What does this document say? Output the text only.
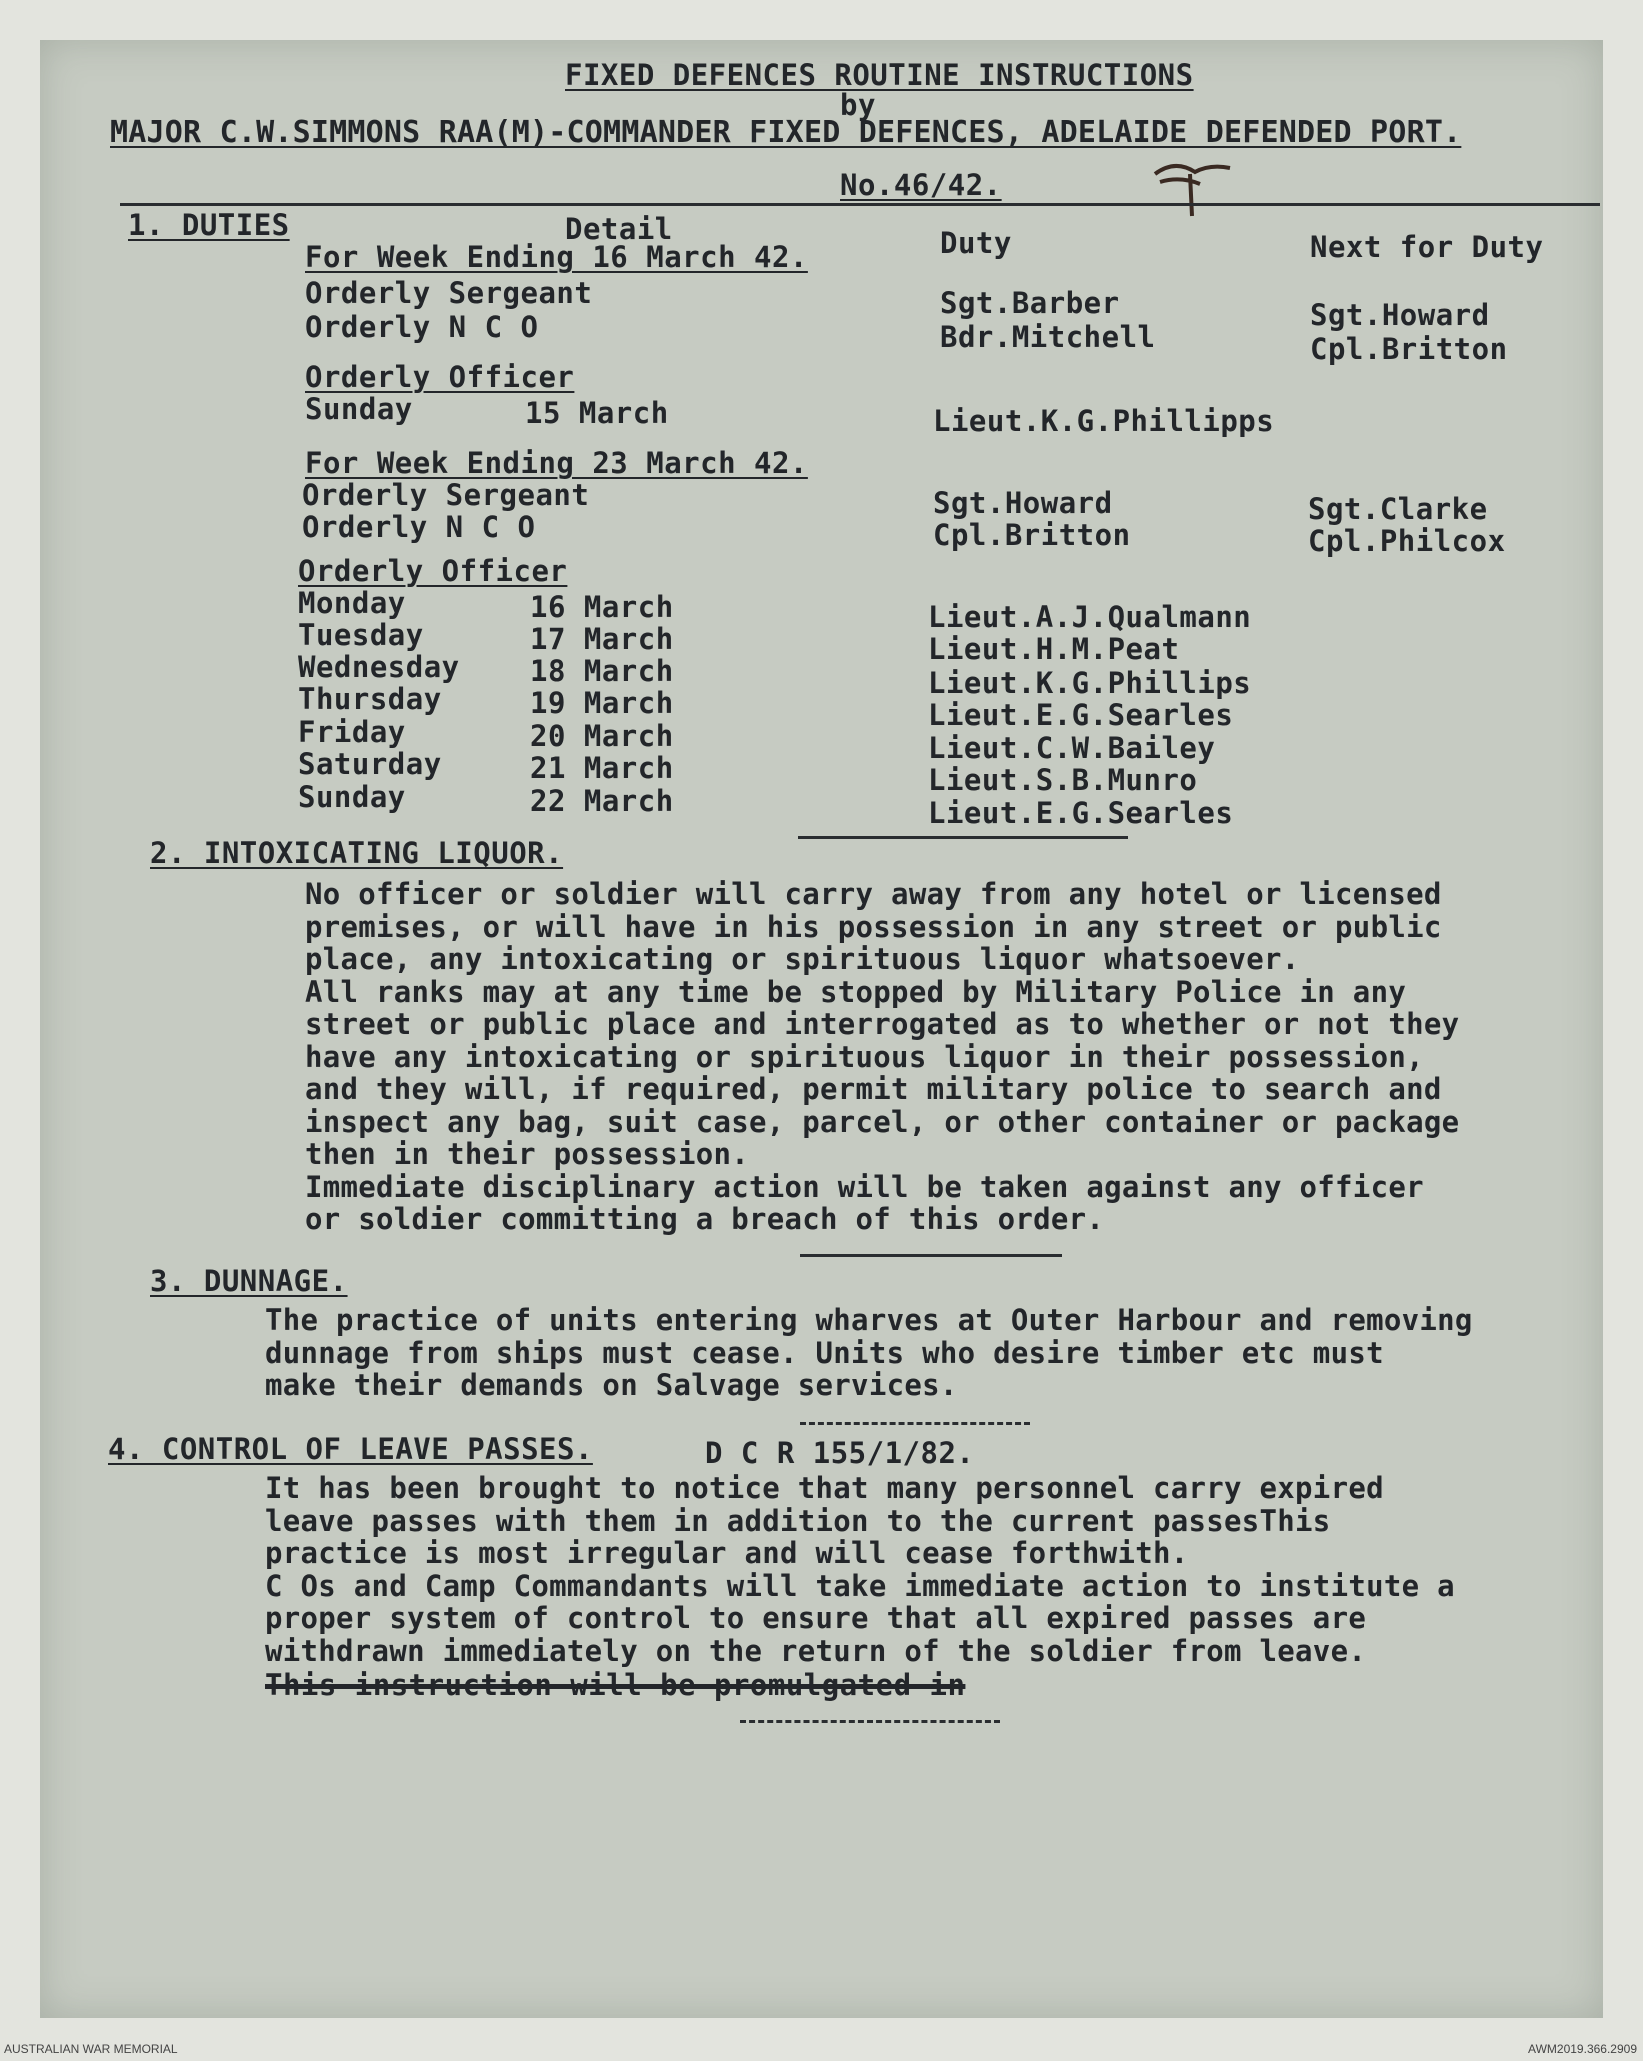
FIXED DEFENCES ROUTINE INSTRUCTIONS
by
MAJOR C.W.SIMMONS RAA(M)-COMMANDER FIXED DEFENCES, ADELAIDE DEFENDED PORT.
No.46/42.
1. DUTIES	Detail	Duty	Next for Duty
For Week Ending 16 March 42.
Orderly Sergeant	Sgt.Barber	Sgt.Howard
Orderly N C O	Bdr.Mitchell	Cpl.Britton
Orderly Officer
Sunday	15 March	Lieut.K.G.Phillipps
For Week Ending 23 March 42.
Orderly Sergeant	Sgt.Howard	Sgt.Clarke
Orderly N C O	Cpl.Britton	Cpl.Philcox
Orderly Officer
Monday	16 March	Lieut.A.J.Qualmann
Tuesday	17 March	Lieut.H.M.Peat
Wednesday 18 March	Lieut.K.G.Phillips
Thursday	19 March	Lieut.E.G.Searles
Friday	20 March	Lieut.C.W.Bailey
Saturday	21 March	Lieut.S.B.Munro
Sunday	22 March	Lieut.E.G.Searles
2. INTOXICATING LIQUOR.
No officer or soldier will carry away from any hotel or licensed
premises, or will have in his possession in any street or public
place, any intoxicating or spirituous liquor whatsoever.
All ranks may at any time be stopped by Military Police in any
street or public place and interrogated as to whether or not they
have any intoxicating or spirituous liquor in their possession,
and they will, if required, permit military police to search and
inspect any bag, suit case, parcel, or other container or package
then in their possession.
Immediate disciplinary action will be taken against any officer
or soldier committing a breach of this order.
3. DUNNAGE.
The practice of units entering wharves at Outer Harbour and removing
dunnage from ships must cease. Units who desire timber etc must
make their demands on Salvage services.
4. CONTROL OF LEAVE PASSES.	D C R 155/1/82.
It has been brought to notice that many personnel carry expired
leave passes with them in addition to the current passesThis
practice is most irregular and will cease forthwith.
C Os and Camp Commandants will take immediate action to institute a
proper system of control to ensure that all expired passes are
withdrawn immediately on the return of the soldier from leave.
This instruction will be promulgated in
AUSTRALIAN WAR MEMORIAL	AWM2019.366.2909
